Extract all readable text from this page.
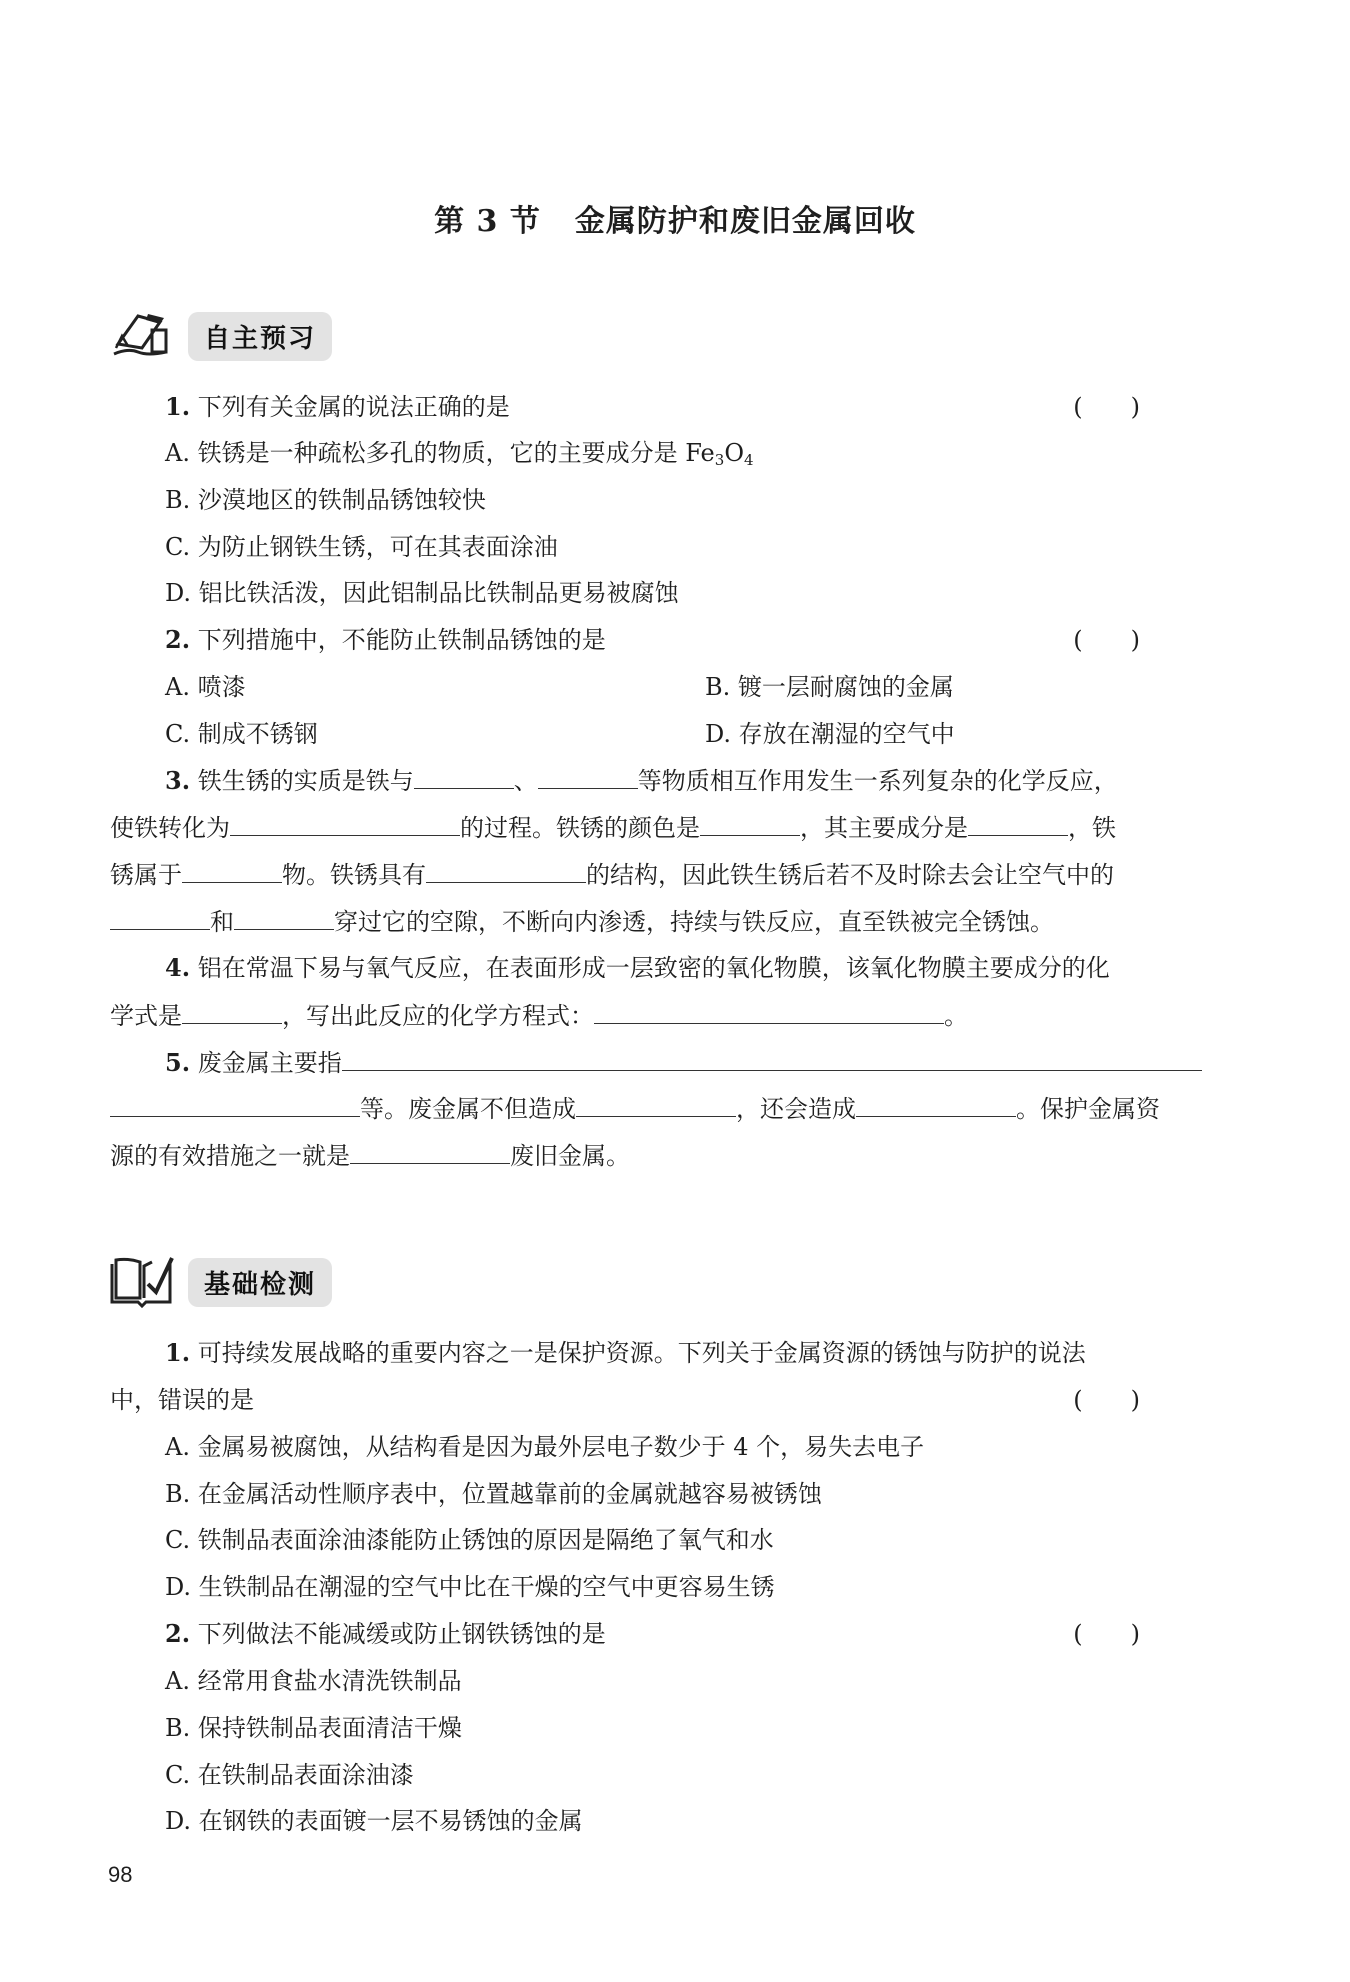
第 3 节 金属防护和废旧金属回收
自主预习
1. 下列有关金属的说法正确的是	( )
A. 铁锈是一种疏松多孔的物质，它的主要成分是 $Fe_3O_4$
B. 沙漠地区的铁制品锈蚀较快
C. 为防止钢铁生锈，可在其表面涂油
D. 铝比铁活泼，因此铝制品比铁制品更易被腐蚀
2. 下列措施中，不能防止铁制品锈蚀的是	( )
A. 喷漆	B. 镀一层耐腐蚀的金属
C. 制成不锈钢	D. 存放在潮湿的空气中
3. 铁生锈的实质是铁与	、	等物质相互作用发生一系列复杂的化学反应，
使铁转化为	的过程。铁锈的颜色是	，其主要成分是	，铁
锈属于	物。铁锈具有	的结构，因此铁生锈后若不及时除去会让空气中的
和	穿过它的空隙，不断向内渗透，持续与铁反应，直至铁被完全锈蚀。
4. 铝在常温下易与氧气反应，在表面形成一层致密的氧化物膜，该氧化物膜主要成分的化
学式是	，写出此反应的化学方程式：	。
5. 废金属主要指
等。废金属不但造成	，还会造成	。保护金属资
源的有效措施之一就是	废旧金属。
基础检测
1. 可持续发展战略的重要内容之一是保护资源。下列关于金属资源的锈蚀与防护的说法
中，错误的是	( )
A. 金属易被腐蚀，从结构看是因为最外层电子数少于 4 个，易失去电子
B. 在金属活动性顺序表中，位置越靠前的金属就越容易被锈蚀
C. 铁制品表面涂油漆能防止锈蚀的原因是隔绝了氧气和水
D. 生铁制品在潮湿的空气中比在干燥的空气中更容易生锈
2. 下列做法不能减缓或防止钢铁锈蚀的是	( )
A. 经常用食盐水清洗铁制品
B. 保持铁制品表面清洁干燥
C. 在铁制品表面涂油漆
D. 在钢铁的表面镀一层不易锈蚀的金属
98
